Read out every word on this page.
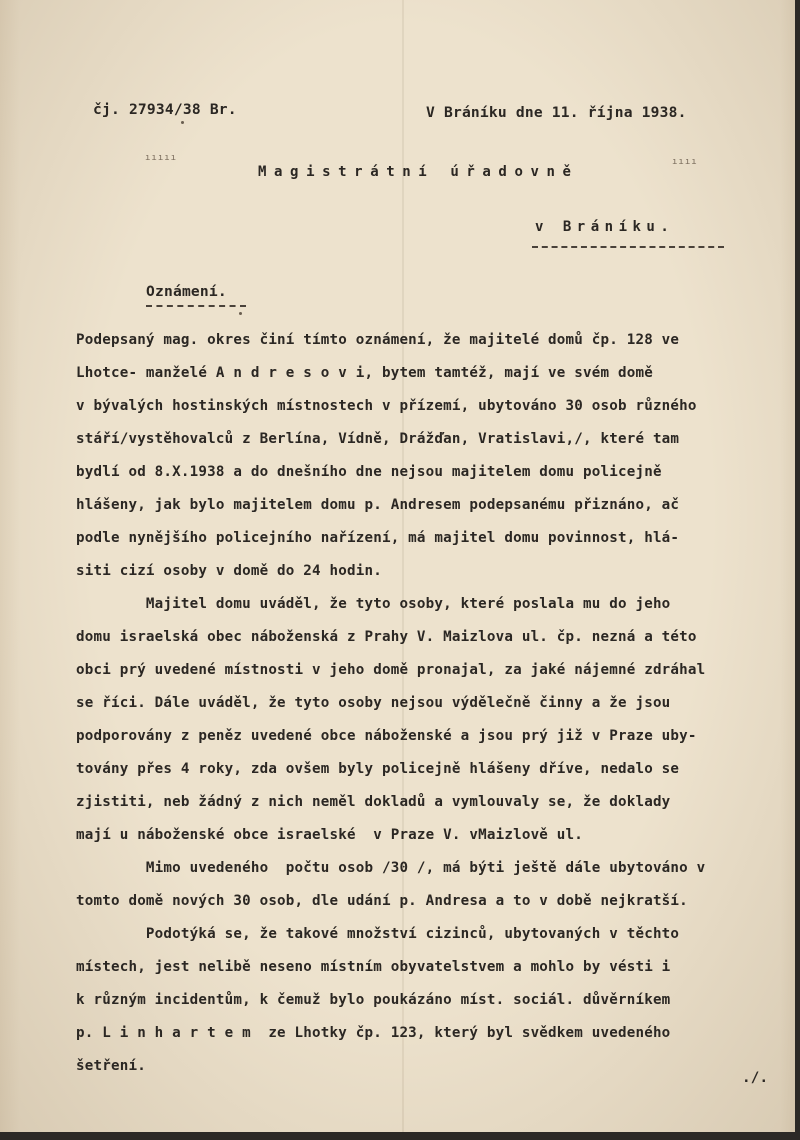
ııııı	ıııı
čj. 27934/38 Br.	V Bráníku dne 11. října 1938.
Magistrátní úřadovně
v Bráníku.
Oznámení.
Podepsaný mag. okres činí tímto oznámení, že majitelé domů čp. 128 ve
Lhotce- manželé A n d r e s o v i, bytem tamtéž, mají ve svém domě
v bývalých hostinských místnostech v přízemí, ubytováno 30 osob různého
stáří/vystěhovalců z Berlína, Vídně, Drážďan, Vratislavi,/, které tam
bydlí od 8.X.1938 a do dnešního dne nejsou majitelem domu policejně
hlášeny, jak bylo majitelem domu p. Andresem podepsanému přiznáno, ač
podle nynějšího policejního nařízení, má majitel domu povinnost, hlá-
siti cizí osoby v domě do 24 hodin.
Majitel domu uváděl, že tyto osoby, které poslala mu do jeho
domu israelská obec náboženská z Prahy V. Maizlova ul. čp. nezná a této
obci prý uvedené místnosti v jeho domě pronajal, za jaké nájemné zdráhal
se říci. Dále uváděl, že tyto osoby nejsou výdělečně činny a že jsou
podporovány z peněz uvedené obce náboženské a jsou prý již v Praze uby-
továny přes 4 roky, zda ovšem byly policejně hlášeny dříve, nedalo se
zjistiti, neb žádný z nich neměl dokladů a vymlouvaly se, že doklady
mají u náboženské obce israelské  v Praze V. vMaizlově ul.
Mimo uvedeného  počtu osob /30 /, má býti ještě dále ubytováno v
tomto domě nových 30 osob, dle udání p. Andresa a to v době nejkratší.
Podotýká se, že takové množství cizinců, ubytovaných v těchto
místech, jest nelibě neseno místním obyvatelstvem a mohlo by vésti i
k různým incidentům, k čemuž bylo poukázáno míst. sociál. důvěrníkem
p. L i n h a r t e m  ze Lhotky čp. 123, který byl svědkem uvedeného
šetření.
./.
